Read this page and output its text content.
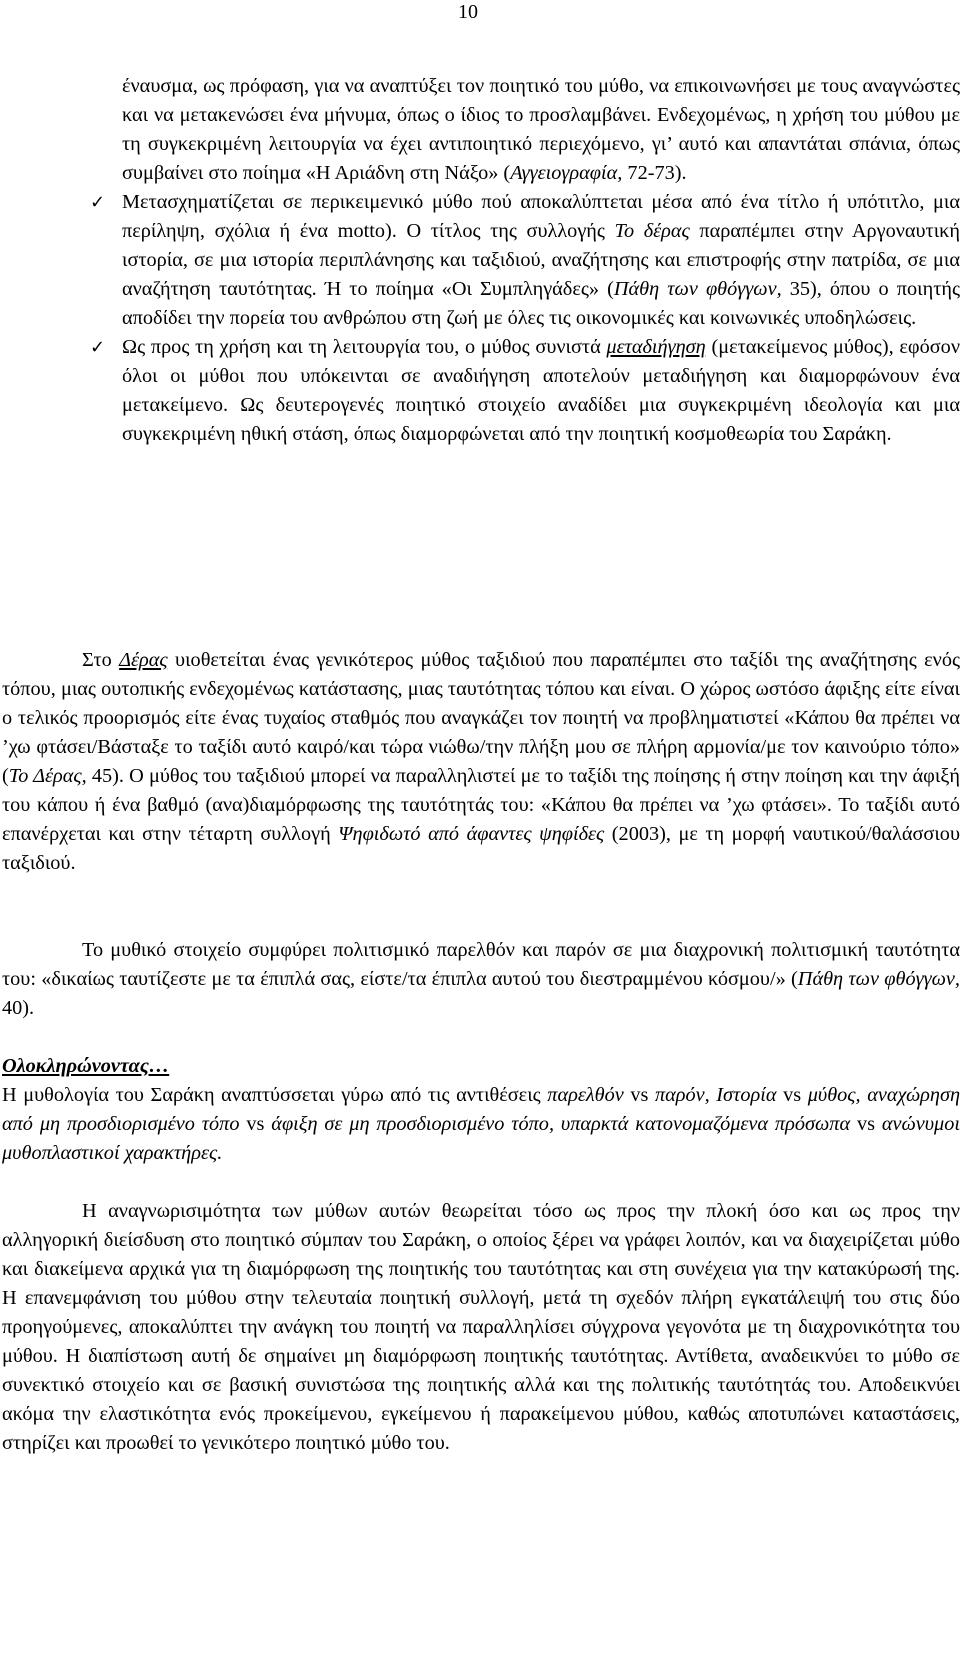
10

έναυσμα, ως πρόφαση, για να αναπτύξει τον ποιητικό του μύθο, να επικοινωνήσει με τους αναγνώστες και να μετακενώσει ένα μήνυμα, όπως ο ίδιος το προσλαμβάνει. Ενδεχομένως, η χρήση του μύθου με τη συγκεκριμένη λειτουργία να έχει αντιποιητικό περιεχόμενο, γι’ αυτό και απαντάται σπάνια, όπως συμβαίνει στο ποίημα «Η Αριάδνη στη Νάξο» (Αγγειογραφία, 72-73).

✓ Μετασχηματίζεται σε περικειμενικό μύθο πού αποκαλύπτεται μέσα από ένα τίτλο ή υπότιτλο, μια περίληψη, σχόλια ή ένα motto). Ο τίτλος της συλλογής Το δέρας παραπέμπει στην Αργοναυτική ιστορία, σε μια ιστορία περιπλάνησης και ταξιδιού, αναζήτησης και επιστροφής στην πατρίδα, σε μια αναζήτηση ταυτότητας. Ή το ποίημα «Οι Συμπληγάδες» (Πάθη των φθόγγων, 35), όπου ο ποιητής αποδίδει την πορεία του ανθρώπου στη ζωή με όλες τις οικονομικές και κοινωνικές υποδηλώσεις.

✓ Ως προς τη χρήση και τη λειτουργία του, ο μύθος συνιστά μεταδιήγηση (μετακείμενος μύθος), εφόσον όλοι οι μύθοι που υπόκεινται σε αναδιήγηση αποτελούν μεταδιήγηση και διαμορφώνουν ένα μετακείμενο. Ως δευτερογενές ποιητικό στοιχείο αναδίδει μια συγκεκριμένη ιδεολογία και μια συγκεκριμένη ηθική στάση, όπως διαμορφώνεται από την ποιητική κοσμοθεωρία του Σαράκη.

Στο Δέρας υιοθετείται ένας γενικότερος μύθος ταξιδιού που παραπέμπει στο ταξίδι της αναζήτησης ενός τόπου, μιας ουτοπικής ενδεχομένως κατάστασης, μιας ταυτότητας τόπου και είναι. Ο χώρος ωστόσο άφιξης είτε είναι ο τελικός προορισμός είτε ένας τυχαίος σταθμός που αναγκάζει τον ποιητή να προβληματιστεί «Κάπου θα πρέπει να ’χω φτάσει/Βάσταξε το ταξίδι αυτό καιρό/και τώρα νιώθω/την πλήξη μου σε πλήρη αρμονία/με τον καινούριο τόπο» (Το Δέρας, 45). Ο μύθος του ταξιδιού μπορεί να παραλληλιστεί με το ταξίδι της ποίησης ή στην ποίηση και την άφιξή του κάπου ή ένα βαθμό (ανα)διαμόρφωσης της ταυτότητάς του: «Κάπου θα πρέπει να ’χω φτάσει». Το ταξίδι αυτό επανέρχεται και στην τέταρτη συλλογή Ψηφιδωτό από άφαντες ψηφίδες (2003), με τη μορφή ναυτικού/θαλάσσιου ταξιδιού.

Το μυθικό στοιχείο συμφύρει πολιτισμικό παρελθόν και παρόν σε μια διαχρονική πολιτισμική ταυτότητα του: «δικαίως ταυτίζεστε με τα έπιπλά σας, είστε/τα έπιπλα αυτού του διεστραμμένου κόσμου/» (Πάθη των φθόγγων, 40).

Ολοκληρώνοντας…

Η μυθολογία του Σαράκη αναπτύσσεται γύρω από τις αντιθέσεις παρελθόν vs παρόν, Ιστορία vs μύθος, αναχώρηση από μη προσδιορισμένο τόπο vs άφιξη σε μη προσδιορισμένο τόπο, υπαρκτά κατονομαζόμενα πρόσωπα vs ανώνυμοι μυθοπλαστικοί χαρακτήρες.

Η αναγνωρισιμότητα των μύθων αυτών θεωρείται τόσο ως προς την πλοκή όσο και ως προς την αλληγορική διείσδυση στο ποιητικό σύμπαν του Σαράκη, ο οποίος ξέρει να γράφει λοιπόν, και να διαχειρίζεται μύθο και διακείμενα αρχικά για τη διαμόρφωση της ποιητικής του ταυτότητας και στη συνέχεια για την κατακύρωσή της. Η επανεμφάνιση του μύθου στην τελευταία ποιητική συλλογή, μετά τη σχεδόν πλήρη εγκατάλειψή του στις δύο προηγούμενες, αποκαλύπτει την ανάγκη του ποιητή να παραλληλίσει σύγχρονα γεγονότα με τη διαχρονικότητα του μύθου. Η διαπίστωση αυτή δε σημαίνει μη διαμόρφωση ποιητικής ταυτότητας. Αντίθετα, αναδεικνύει το μύθο σε συνεκτικό στοιχείο και σε βασική συνιστώσα της ποιητικής αλλά και της πολιτικής ταυτότητάς του. Αποδεικνύει ακόμα την ελαστικότητα ενός προκείμενου, εγκείμενου ή παρακείμενου μύθου, καθώς αποτυπώνει καταστάσεις, στηρίζει και προωθεί το γενικότερο ποιητικό μύθο του.
